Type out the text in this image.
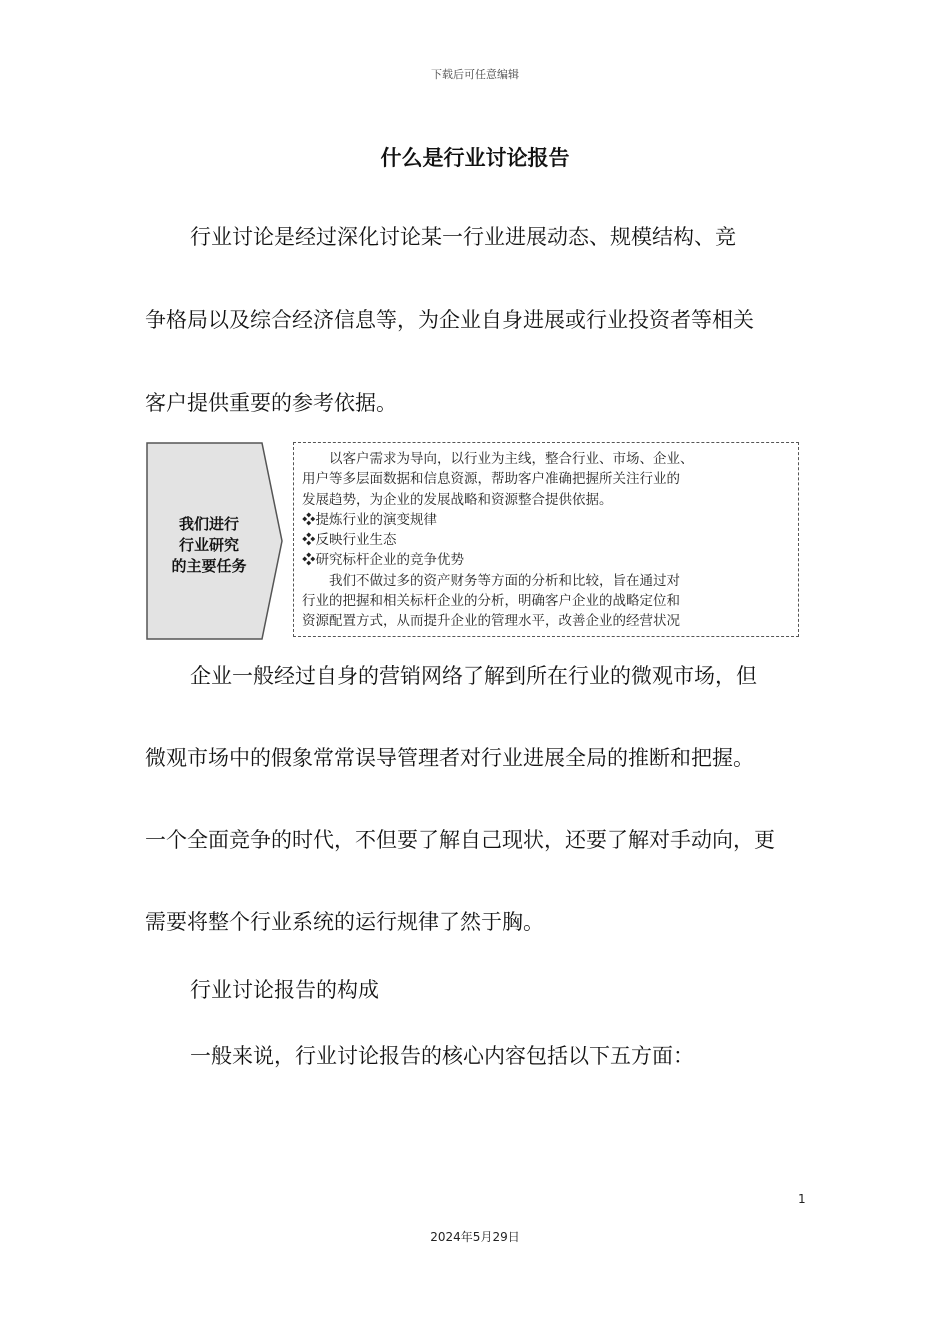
下载后可任意编辑
什么是行业讨论报告
行业讨论是经过深化讨论某一行业进展动态、规模结构、竞
争格局以及综合经济信息等，为企业自身进展或行业投资者等相关
客户提供重要的参考依据。
我们进行
行业研究
的主要任务

以客户需求为导向，以行业为主线，整合行业、市场、企业、

用户等多层面数据和信息资源，帮助客户准确把握所关注行业的

发展趋势，为企业的发展战略和资源整合提供依据。

❖提炼行业的演变规律

❖反映行业生态

❖研究标杆企业的竞争优势

我们不做过多的资产财务等方面的分析和比较，旨在通过对

行业的把握和相关标杆企业的分析，明确客户企业的战略定位和

资源配置方式，从而提升企业的管理水平，改善企业的经营状况

企业一般经过自身的营销网络了解到所在行业的微观市场，但
微观市场中的假象常常误导管理者对行业进展全局的推断和把握。
一个全面竞争的时代，不但要了解自己现状，还要了解对手动向，更
需要将整个行业系统的运行规律了然于胸。
行业讨论报告的构成
一般来说，行业讨论报告的核心内容包括以下五方面：
1
2024年5月29日
